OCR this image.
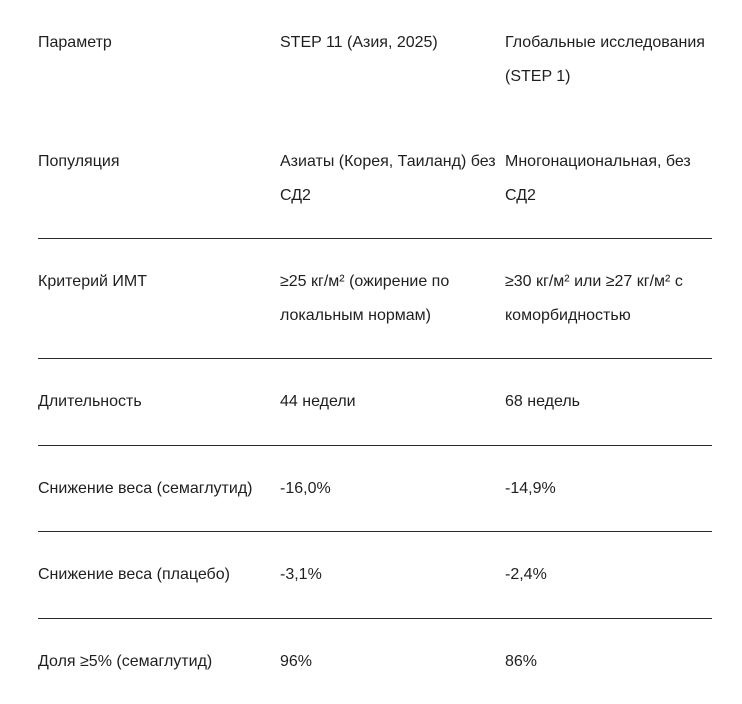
Параметр	STEP 11 (Азия, 2025)	Глобальные исследования (STEP 1)
Популяция	Азиаты (Корея, Таиланд) без СД2	Многонациональная, без СД2
Критерий ИМТ	≥25 кг/м² (ожирение по локальным нормам)	≥30 кг/м² или ≥27 кг/м² с коморбидностью
Длительность	44 недели	68 недель
Снижение веса (семаглутид)	-16,0%	-14,9%
Снижение веса (плацебо)	-3,1%	-2,4%
Доля ≥5% (семаглутид)	96%	86%
